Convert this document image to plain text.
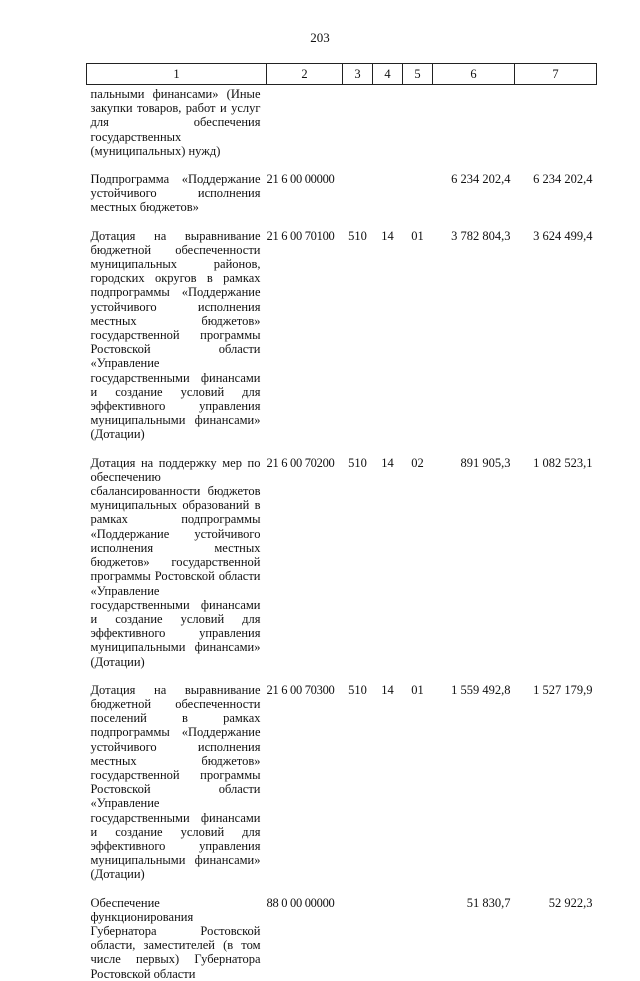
203
1	2	3	4	5	6	7
пальными финансами» (Иные закупки товаров, работ и услуг для обеспечения государственных (муниципальных) нужд)						
Подпрограмма «Поддержание устойчивого исполнения местных бюджетов»	21 6 00 00000				6 234 202,4	6 234 202,4
Дотация на выравнивание бюджетной обеспеченности муниципальных районов, городских округов в рамках подпрограммы «Поддержание устойчивого исполнения местных бюджетов» государственной программы Ростовской области «Управление государственными финансами и создание условий для эффективного управления муниципальными финансами» (Дотации)	21 6 00 70100	510	14	01	3 782 804,3	3 624 499,4
Дотация на поддержку мер по обеспечению сбалансированности бюджетов муниципальных образований в рамках подпрограммы «Поддержание устойчивого исполнения местных бюджетов» государственной программы Ростовской области «Управление государственными финансами и создание условий для эффективного управления муниципальными финансами» (Дотации)	21 6 00 70200	510	14	02	891 905,3	1 082 523,1
Дотация на выравнивание бюджетной обеспеченности поселений в рамках подпрограммы «Поддержание устойчивого исполнения местных бюджетов» государственной программы Ростовской области «Управление государственными финансами и создание условий для эффективного управления муниципальными финансами» (Дотации)	21 6 00 70300	510	14	01	1 559 492,8	1 527 179,9
Обеспечение функционирования Губернатора Ростовской области, заместителей (в том числе первых) Губернатора Ростовской области	88 0 00 00000				51 830,7	52 922,3
